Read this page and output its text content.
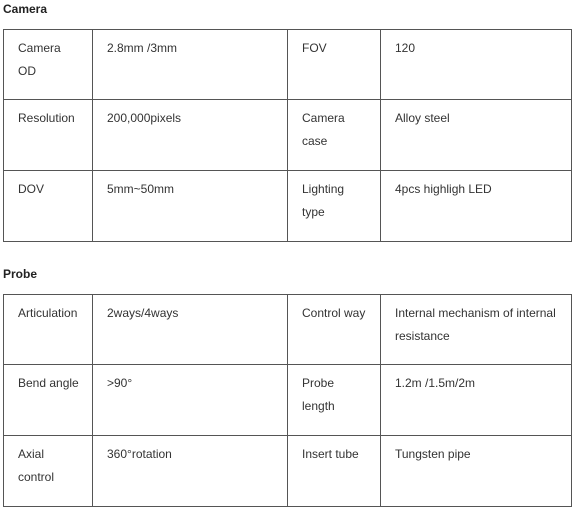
Camera
Camera OD	2.8mm /3mm	FOV	120
Resolution	200,000pixels	Camera case	Alloy steel
DOV	5mm~50mm	Lighting type	4pcs highligh LED
Probe
Articulation	2ways/4ways	Control way	Internal mechanism of internal resistance
Bend angle	>90°	Probe length	1.2m /1.5m/2m
Axial control	360°rotation	Insert tube	Tungsten pipe
